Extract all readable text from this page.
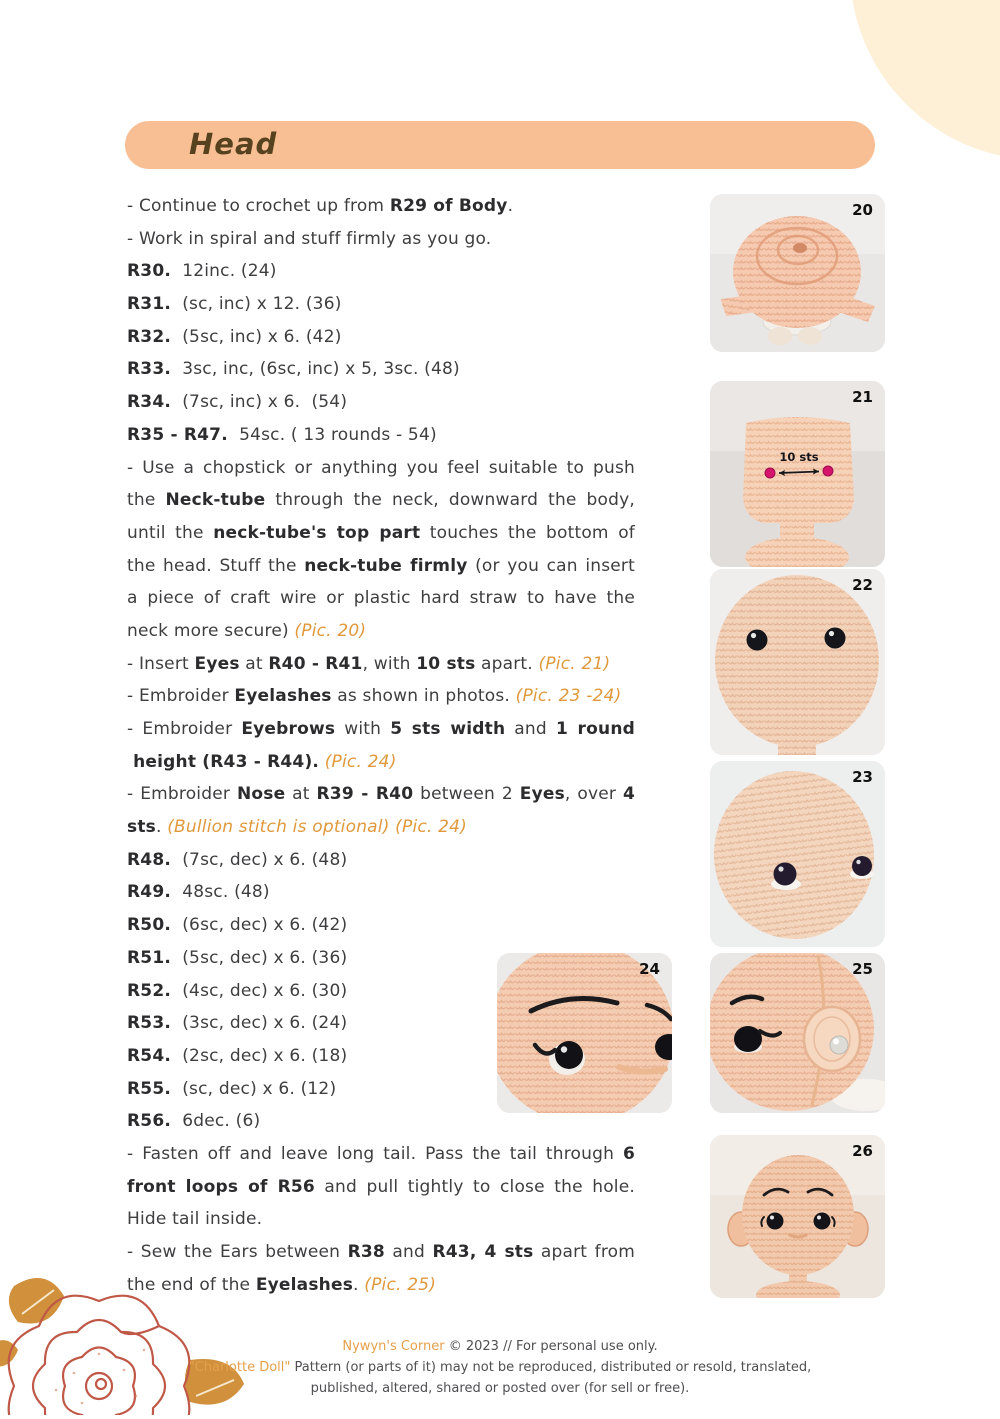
Head
- Continue to crochet up from R29 of Body.
- Work in spiral and stuff firmly as you go.
R30.  12inc. (24)
R31.  (sc, inc) x 12. (36)
R32.  (5sc, inc) x 6. (42)
R33.  3sc, inc, (6sc, inc) x 5, 3sc. (48)
R34.  (7sc, inc) x 6.  (54)
R35 - R47.  54sc. ( 13 rounds - 54)
- Use a chopstick or anything you feel suitable to push
the Neck-tube through the neck, downward the body,
until the neck-tube's top part touches the bottom of
the head. Stuff the neck-tube firmly (or you can insert
a piece of craft wire or plastic hard straw to have the
neck more secure) (Pic. 20)
- Insert Eyes at R40 - R41, with 10 sts apart. (Pic. 21)
- Embroider Eyelashes as shown in photos. (Pic. 23 -24)
- Embroider Eyebrows with 5 sts width and 1 round
height (R43 - R44). (Pic. 24)
- Embroider Nose at R39 - R40 between 2 Eyes, over 4
sts. (Bullion stitch is optional) (Pic. 24)
R48.  (7sc, dec) x 6. (48)
R49.  48sc. (48)
R50.  (6sc, dec) x 6. (42)
R51.  (5sc, dec) x 6. (36)
R52.  (4sc, dec) x 6. (30)
R53.  (3sc, dec) x 6. (24)
R54.  (2sc, dec) x 6. (18)
R55.  (sc, dec) x 6. (12)
R56.  6dec. (6)
- Fasten off and leave long tail. Pass the tail through 6
front loops of R56 and pull tightly to close the hole.
Hide tail inside.
- Sew the Ears between R38 and R43, 4 sts apart from
the end of the Eyelashes. (Pic. 25)
20
10 sts
21
22
23
24	25
26
Nywyn's Corner © 2023 // For personal use only.
"Charlotte Doll" Pattern (or parts of it) may not be reproduced, distributed or resold, translated,
published, altered, shared or posted over (for sell or free).
